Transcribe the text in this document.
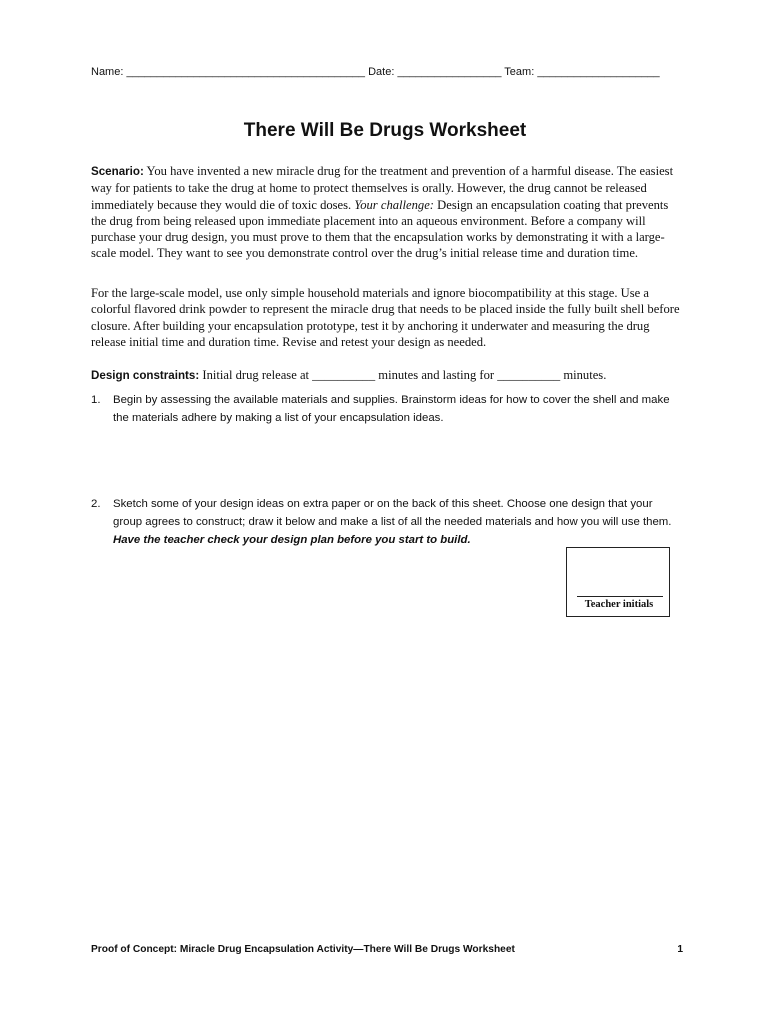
Name: _______________________________________ Date: _________________ Team: ____________________
There Will Be Drugs Worksheet
Scenario: You have invented a new miracle drug for the treatment and prevention of a harmful disease. The easiest way for patients to take the drug at home to protect themselves is orally. However, the drug cannot be released immediately because they would die of toxic doses. Your challenge: Design an encapsulation coating that prevents the drug from being released upon immediate placement into an aqueous environment. Before a company will purchase your drug design, you must prove to them that the encapsulation works by demonstrating it with a large-scale model. They want to see you demonstrate control over the drug’s initial release time and duration time.
For the large-scale model, use only simple household materials and ignore biocompatibility at this stage. Use a colorful flavored drink powder to represent the miracle drug that needs to be placed inside the fully built shell before closure. After building your encapsulation prototype, test it by anchoring it underwater and measuring the drug release initial time and duration time. Revise and retest your design as needed.
Design constraints: Initial drug release at __________ minutes and lasting for __________ minutes.
1.	Begin by assessing the available materials and supplies. Brainstorm ideas for how to cover the shell and make the materials adhere by making a list of your encapsulation ideas.
2.	Sketch some of your design ideas on extra paper or on the back of this sheet. Choose one design that your group agrees to construct; draw it below and make a list of all the needed materials and how you will use them. Have the teacher check your design plan before you start to build.
Teacher initials
Proof of Concept: Miracle Drug Encapsulation Activity—There Will Be Drugs Worksheet	1
